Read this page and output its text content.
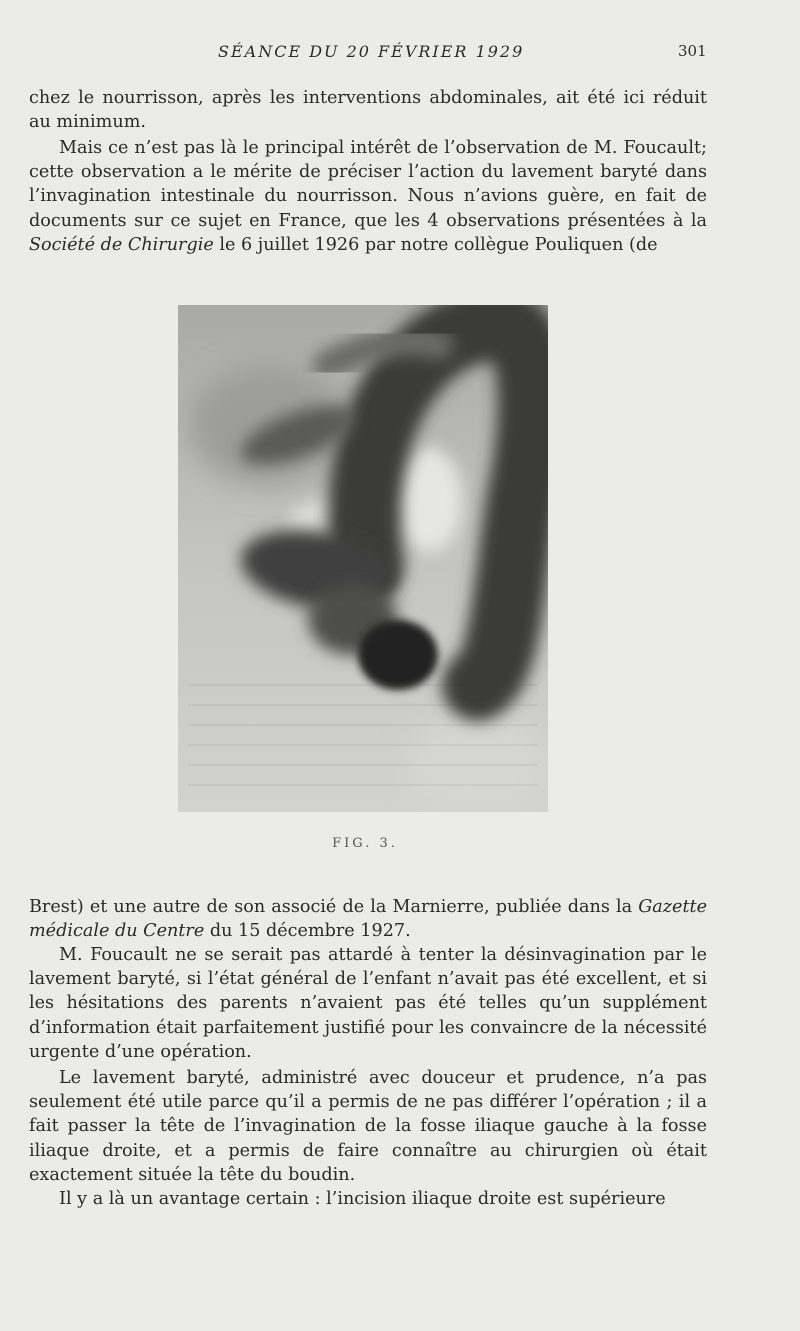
SÉANCE DU 20 FÉVRIER 1929	301

chez le nourrisson, après les interventions abdominales, ait été ici réduit au minimum.

Mais ce n’est pas là le principal intérêt de l’observation de M. Foucault; cette observation a le mérite de préciser l’action du lavement baryté dans l’invagination intestinale du nourrisson. Nous n’avions guère, en fait de documents sur ce sujet en France, que les 4 observations présentées à la Société de Chirurgie le 6 juillet 1926 par notre collègue Pouliquen (de

FIG. 3.

Brest) et une autre de son associé de la Marnierre, publiée dans la Gazette médicale du Centre du 15 décembre 1927.

M. Foucault ne se serait pas attardé à tenter la désinvagination par le lavement baryté, si l’état général de l’enfant n’avait pas été excellent, et si les hésitations des parents n’avaient pas été telles qu’un supplément d’information était parfaitement justifié pour les convaincre de la nécessité urgente d’une opération.

Le lavement baryté, administré avec douceur et prudence, n’a pas seulement été utile parce qu’il a permis de ne pas différer l’opération ; il a fait passer la tête de l’invagination de la fosse iliaque gauche à la fosse iliaque droite, et a permis de faire connaître au chirurgien où était exactement située la tête du boudin.

Il y a là un avantage certain : l’incision iliaque droite est supérieure
